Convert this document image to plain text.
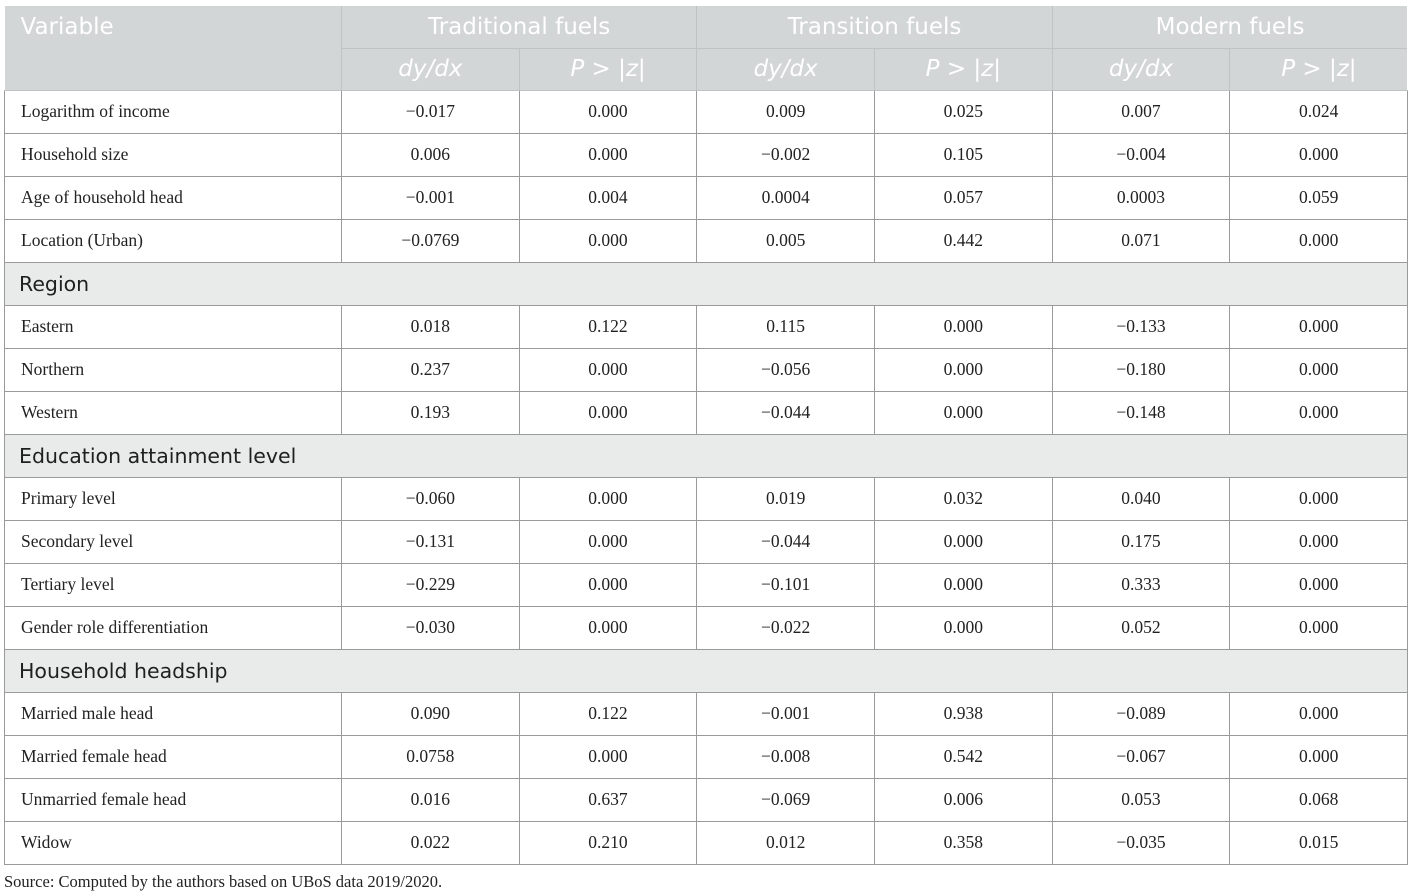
Variable	Traditional fuels		Transition fuels		Modern fuels	
	dy/dx	P > |z|	dy/dx	P > |z|	dy/dx	P > |z|
Logarithm of income	−0.017	0.000	0.009	0.025	0.007	0.024
Household size	0.006	0.000	−0.002	0.105	−0.004	0.000
Age of household head	−0.001	0.004	0.0004	0.057	0.0003	0.059
Location (Urban)	−0.0769	0.000	0.005	0.442	0.071	0.000
Region						
Eastern	0.018	0.122	0.115	0.000	−0.133	0.000
Northern	0.237	0.000	−0.056	0.000	−0.180	0.000
Western	0.193	0.000	−0.044	0.000	−0.148	0.000
Education attainment level						
Primary level	−0.060	0.000	0.019	0.032	0.040	0.000
Secondary level	−0.131	0.000	−0.044	0.000	0.175	0.000
Tertiary level	−0.229	0.000	−0.101	0.000	0.333	0.000
Gender role differentiation	−0.030	0.000	−0.022	0.000	0.052	0.000
Household headship						
Married male head	0.090	0.122	−0.001	0.938	−0.089	0.000
Married female head	0.0758	0.000	−0.008	0.542	−0.067	0.000
Unmarried female head	0.016	0.637	−0.069	0.006	0.053	0.068
Widow	0.022	0.210	0.012	0.358	−0.035	0.015
Source: Computed by the authors based on UBoS data 2019/2020.
